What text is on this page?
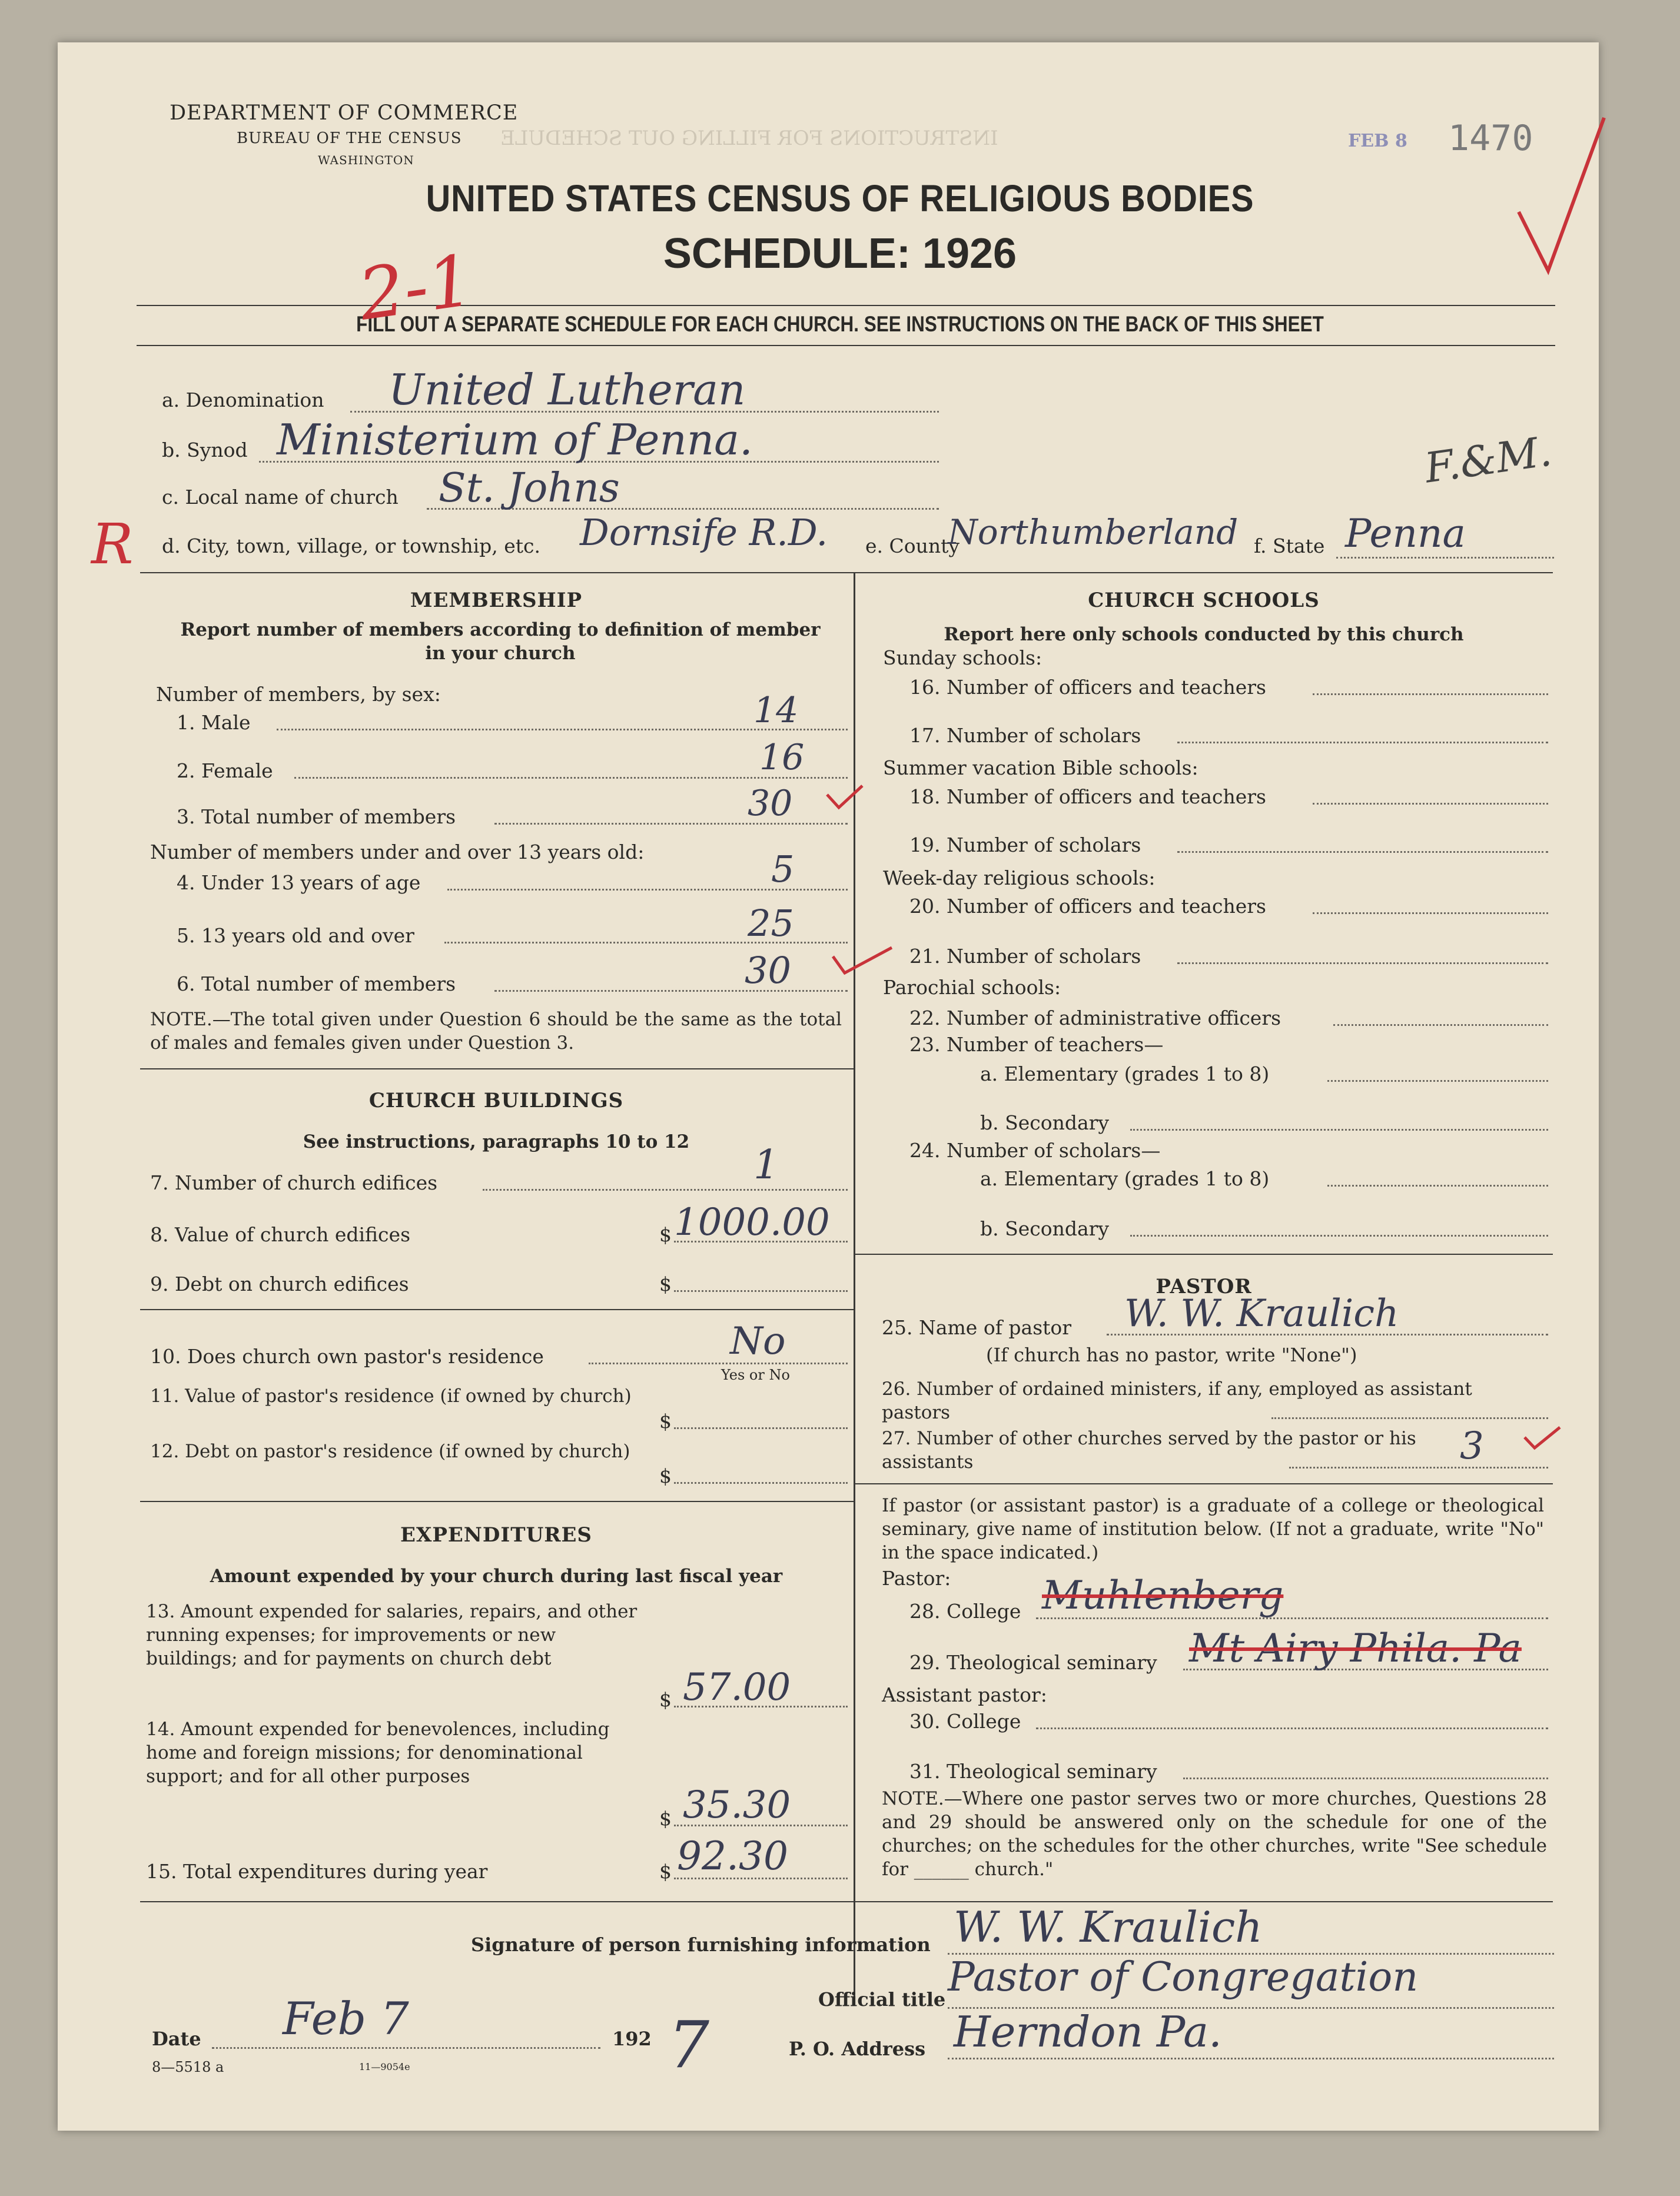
INSTRUCTIONS FOR FILLING OUT SCHEDULE
DEPARTMENT OF COMMERCE
BUREAU OF THE CENSUS
WASHINGTON
UNITED STATES CENSUS OF RELIGIOUS BODIES
SCHEDULE: 1926
FILL OUT A SEPARATE SCHEDULE FOR EACH CHURCH. SEE INSTRUCTIONS ON THE BACK OF THIS SHEET
FEB 8 1470
2-1
R
F.&M.
a. Denomination United Lutheran
b. Synod Ministerium of Penna.
c. Local name of church St. Johns
d. City, town, village, or township, etc. Dornsife R.D. e. County
Northumberland f. State Penna
MEMBERSHIP
Report number of members according to definition of member in your church
Number of members, by sex:
1. Male	14
2. Female	16
3. Total number of members	30
Number of members under and over 13 years old:
4. Under 13 years of age	5
5. 13 years old and over	25
6. Total number of members	30
NOTE.—The total given under Question 6 should be the same as the total of males and females given under Question 3.
CHURCH BUILDINGS
See instructions, paragraphs 10 to 12
7. Number of church edifices	1
8. Value of church edifices	$ 1000.00
9. Debt on church edifices	$
10. Does church own pastor's residence	No
Yes or No
11. Value of pastor's residence (if owned by church)
$
12. Debt on pastor's residence (if owned by church)
$
EXPENDITURES
Amount expended by your church during last fiscal year
13. Amount expended for salaries, repairs, and other running expenses; for improvements or new buildings; and for payments on church debt
$ 57.00
14. Amount expended for benevolences, including home and foreign missions; for denominational support; and for all other purposes
$ 35.30
15. Total expenditures during year	$ 92.30
CHURCH SCHOOLS
Report here only schools conducted by this church
Sunday schools:
16. Number of officers and teachers
17. Number of scholars
Summer vacation Bible schools:
18. Number of officers and teachers
19. Number of scholars
Week-day religious schools:
20. Number of officers and teachers
21. Number of scholars
Parochial schools:
22. Number of administrative officers
23. Number of teachers—
a. Elementary (grades 1 to 8)
b. Secondary
24. Number of scholars—
a. Elementary (grades 1 to 8)
b. Secondary
PASTOR
25. Name of pastor W. W. Kraulich
(If church has no pastor, write "None")
26. Number of ordained ministers, if any, employed as assistant pastors
27. Number of other churches served by the pastor or his assistants	3
If pastor (or assistant pastor) is a graduate of a college or theological seminary, give name of institution below. (If not a graduate, write "No" in the space indicated.)
Pastor:
28. College Muhlenberg
29. Theological seminary Mt Airy Phila. Pa
Assistant pastor:
30. College
31. Theological seminary
NOTE.—Where one pastor serves two or more churches, Questions 28 and 29 should be answered only on the schedule for one of the churches; on the schedules for the other churches, write "See schedule for ______ church."
Signature of person furnishing information W. W. Kraulich
Official title Pastor of Congregation
Date Feb 7	192 7	P. O. Address Herndon Pa.
8—5518 a	11—9054e
